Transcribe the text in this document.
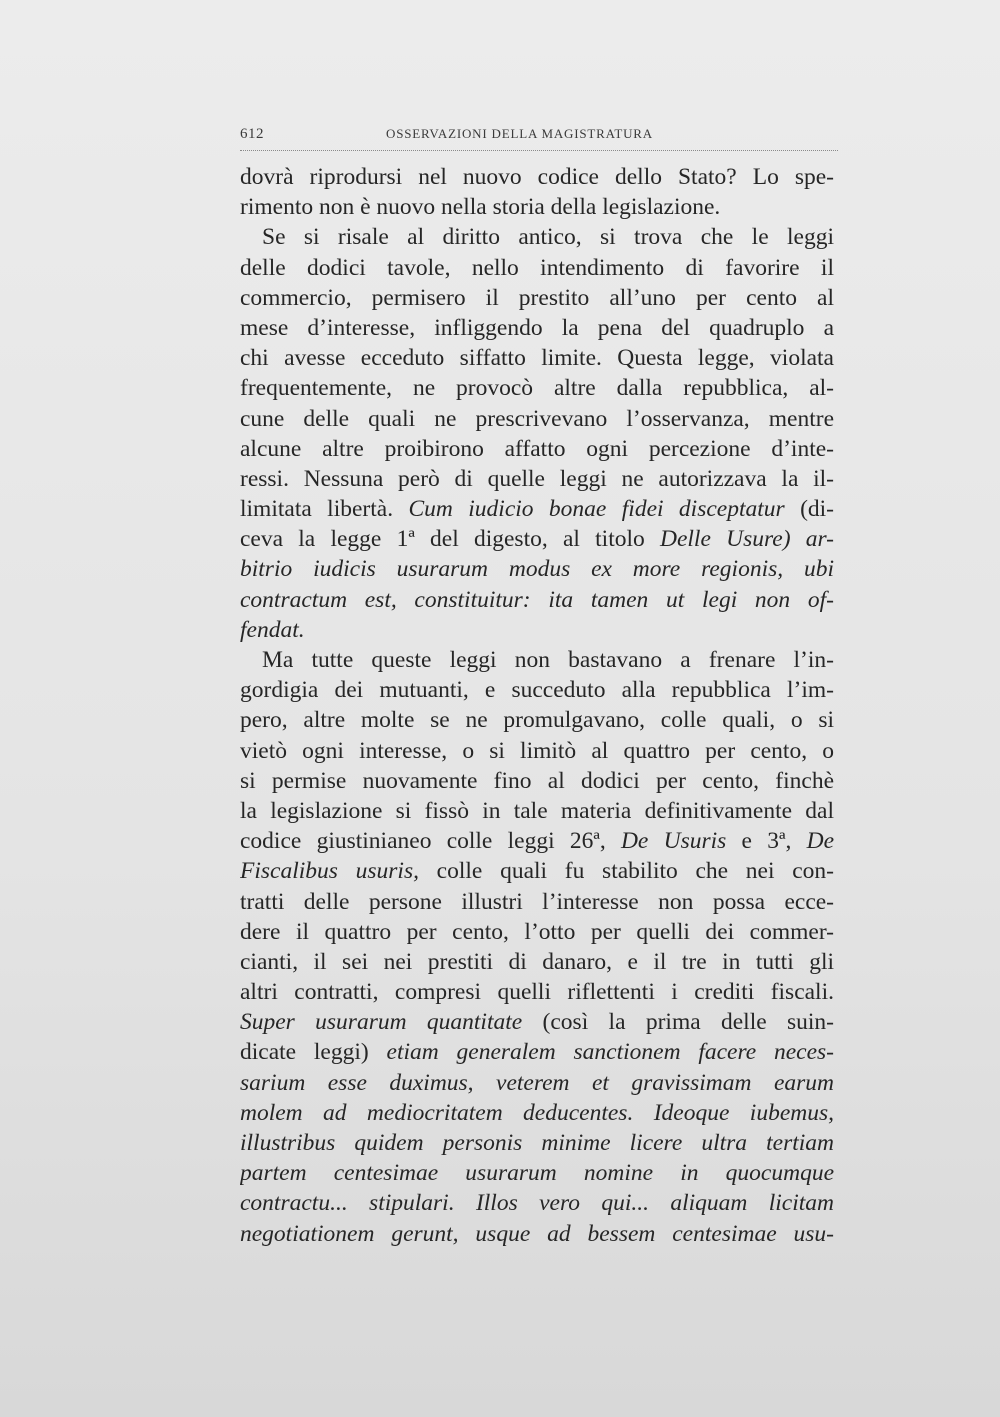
612	OSSERVAZIONI DELLA MAGISTRATURA
dovrà riprodursi nel nuovo codice dello Stato? Lo spe-
rimento non è nuovo nella storia della legislazione.
Se si risale al diritto antico, si trova che le leggi
delle dodici tavole, nello intendimento di favorire il
commercio, permisero il prestito all’uno per cento al
mese d’interesse, infliggendo la pena del quadruplo a
chi avesse ecceduto siffatto limite. Questa legge, violata
frequentemente, ne provocò altre dalla repubblica, al-
cune delle quali ne prescrivevano l’osservanza, mentre
alcune altre proibirono affatto ogni percezione d’inte-
ressi. Nessuna però di quelle leggi ne autorizzava la il-
limitata libertà. Cum iudicio bonae fidei disceptatur (di-
ceva la legge 1ª del digesto, al titolo Delle Usure) ar-
bitrio iudicis usurarum modus ex more regionis, ubi
contractum est, constituitur: ita tamen ut legi non of-
fendat.
Ma tutte queste leggi non bastavano a frenare l’in-
gordigia dei mutuanti, e succeduto alla repubblica l’im-
pero, altre molte se ne promulgavano, colle quali, o si
vietò ogni interesse, o si limitò al quattro per cento, o
si permise nuovamente fino al dodici per cento, finchè
la legislazione si fissò in tale materia definitivamente dal
codice giustinianeo colle leggi 26ª, De Usuris e 3ª, De
Fiscalibus usuris, colle quali fu stabilito che nei con-
tratti delle persone illustri l’interesse non possa ecce-
dere il quattro per cento, l’otto per quelli dei commer-
cianti, il sei nei prestiti di danaro, e il tre in tutti gli
altri contratti, compresi quelli riflettenti i crediti fiscali.
Super usurarum quantitate (così la prima delle suin-
dicate leggi) etiam generalem sanctionem facere neces-
sarium esse duximus, veterem et gravissimam earum
molem ad mediocritatem deducentes. Ideoque iubemus,
illustribus quidem personis minime licere ultra tertiam
partem centesimae usurarum nomine in quocumque
contractu... stipulari. Illos vero qui... aliquam licitam
negotiationem gerunt, usque ad bessem centesimae usu-
